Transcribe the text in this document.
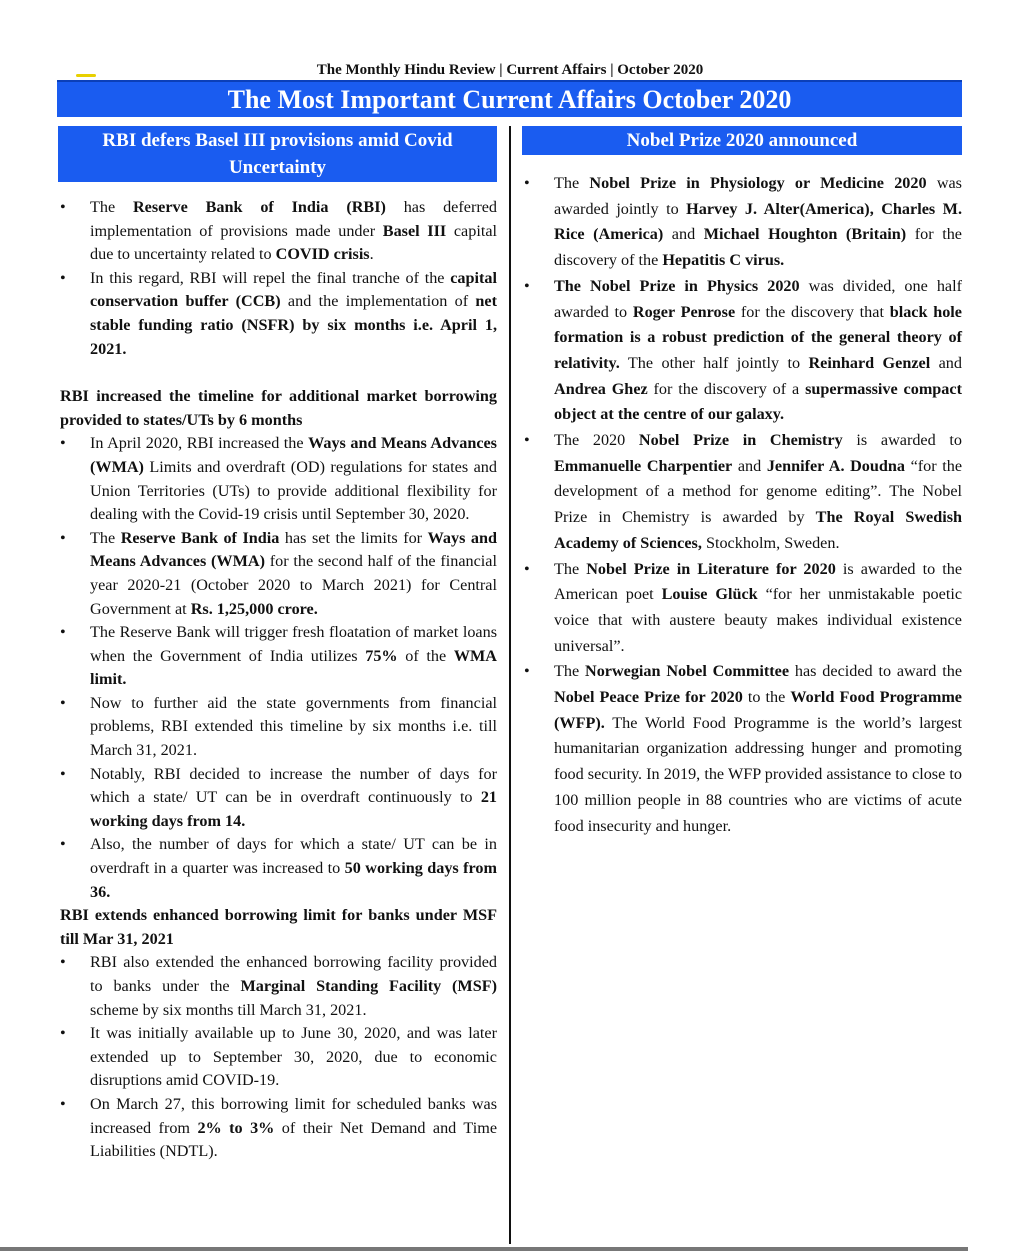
The Monthly Hindu Review | Current Affairs | October 2020
The Most Important Current Affairs October 2020
RBI defers Basel III provisions amid Covid Uncertainty
• The Reserve Bank of India (RBI) has deferred implementation of provisions made under Basel III capital due to uncertainty related to COVID crisis.
• In this regard, RBI will repel the final tranche of the capital conservation buffer (CCB) and the implementation of net stable funding ratio (NSFR) by six months i.e. April 1, 2021.
RBI increased the timeline for additional market borrowing provided to states/UTs by 6 months
• In April 2020, RBI increased the Ways and Means Advances (WMA) Limits and overdraft (OD) regulations for states and Union Territories (UTs) to provide additional flexibility for dealing with the Covid-19 crisis until September 30, 2020.
• The Reserve Bank of India has set the limits for Ways and Means Advances (WMA) for the second half of the financial year 2020-21 (October 2020 to March 2021) for Central Government at Rs. 1,25,000 crore.
• The Reserve Bank will trigger fresh floatation of market loans when the Government of India utilizes 75% of the WMA limit.
• Now to further aid the state governments from financial problems, RBI extended this timeline by six months i.e. till March 31, 2021.
• Notably, RBI decided to increase the number of days for which a state/ UT can be in overdraft continuously to 21 working days from 14.
• Also, the number of days for which a state/ UT can be in overdraft in a quarter was increased to 50 working days from 36.
RBI extends enhanced borrowing limit for banks under MSF till Mar 31, 2021
• RBI also extended the enhanced borrowing facility provided to banks under the Marginal Standing Facility (MSF) scheme by six months till March 31, 2021.
• It was initially available up to June 30, 2020, and was later extended up to September 30, 2020, due to economic disruptions amid COVID-19.
• On March 27, this borrowing limit for scheduled banks was increased from 2% to 3% of their Net Demand and Time Liabilities (NDTL).
Nobel Prize 2020 announced
• The Nobel Prize in Physiology or Medicine 2020 was awarded jointly to Harvey J. Alter(America), Charles M. Rice (America) and Michael Houghton (Britain) for the discovery of the Hepatitis C virus.
• The Nobel Prize in Physics 2020 was divided, one half awarded to Roger Penrose for the discovery that black hole formation is a robust prediction of the general theory of relativity. The other half jointly to Reinhard Genzel and Andrea Ghez for the discovery of a supermassive compact object at the centre of our galaxy.
• The 2020 Nobel Prize in Chemistry is awarded to Emmanuelle Charpentier and Jennifer A. Doudna “for the development of a method for genome editing”. The Nobel Prize in Chemistry is awarded by The Royal Swedish Academy of Sciences, Stockholm, Sweden.
• The Nobel Prize in Literature for 2020 is awarded to the American poet Louise Glück “for her unmistakable poetic voice that with austere beauty makes individual existence universal”.
• The Norwegian Nobel Committee has decided to award the Nobel Peace Prize for 2020 to the World Food Programme (WFP). The World Food Programme is the world’s largest humanitarian organization addressing hunger and promoting food security. In 2019, the WFP provided assistance to close to 100 million people in 88 countries who are victims of acute food insecurity and hunger.
